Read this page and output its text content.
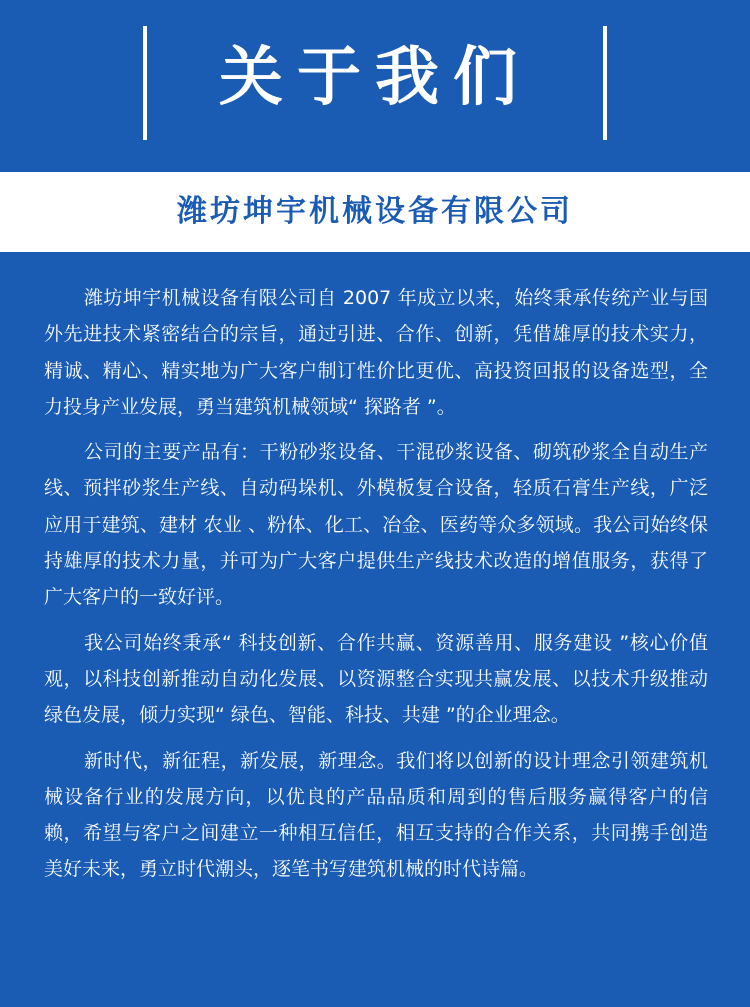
关于我们
潍坊坤宇机械设备有限公司

潍坊坤宇机械设备有限公司自 2007 年成立以来，始终秉承传统产业与国外先进技术紧密结合的宗旨，通过引进、合作、创新，凭借雄厚的技术实力，精诚、精心、精实地为广大客户制订性价比更优、高投资回报的设备选型，全力投身产业发展，勇当建筑机械领域“ 探路者 ”。

公司的主要产品有：干粉砂浆设备、干混砂浆设备、砌筑砂浆全自动生产线、预拌砂浆生产线、自动码垛机、外模板复合设备，轻质石膏生产线，广泛应用于建筑、建材 农业 、粉体、化工、冶金、医药等众多领域。我公司始终保持雄厚的技术力量，并可为广大客户提供生产线技术改造的增值服务，获得了广大客户的一致好评。

我公司始终秉承“ 科技创新、合作共赢、资源善用、服务建设 ”核心价值观，以科技创新推动自动化发展、以资源整合实现共赢发展、以技术升级推动绿色发展，倾力实现“ 绿色、智能、科技、共建 ”的企业理念。

新时代，新征程，新发展，新理念。我们将以创新的设计理念引领建筑机械设备行业的发展方向，以优良的产品品质和周到的售后服务赢得客户的信赖，希望与客户之间建立一种相互信任，相互支持的合作关系，共同携手创造美好未来，勇立时代潮头，逐笔书写建筑机械的时代诗篇。
